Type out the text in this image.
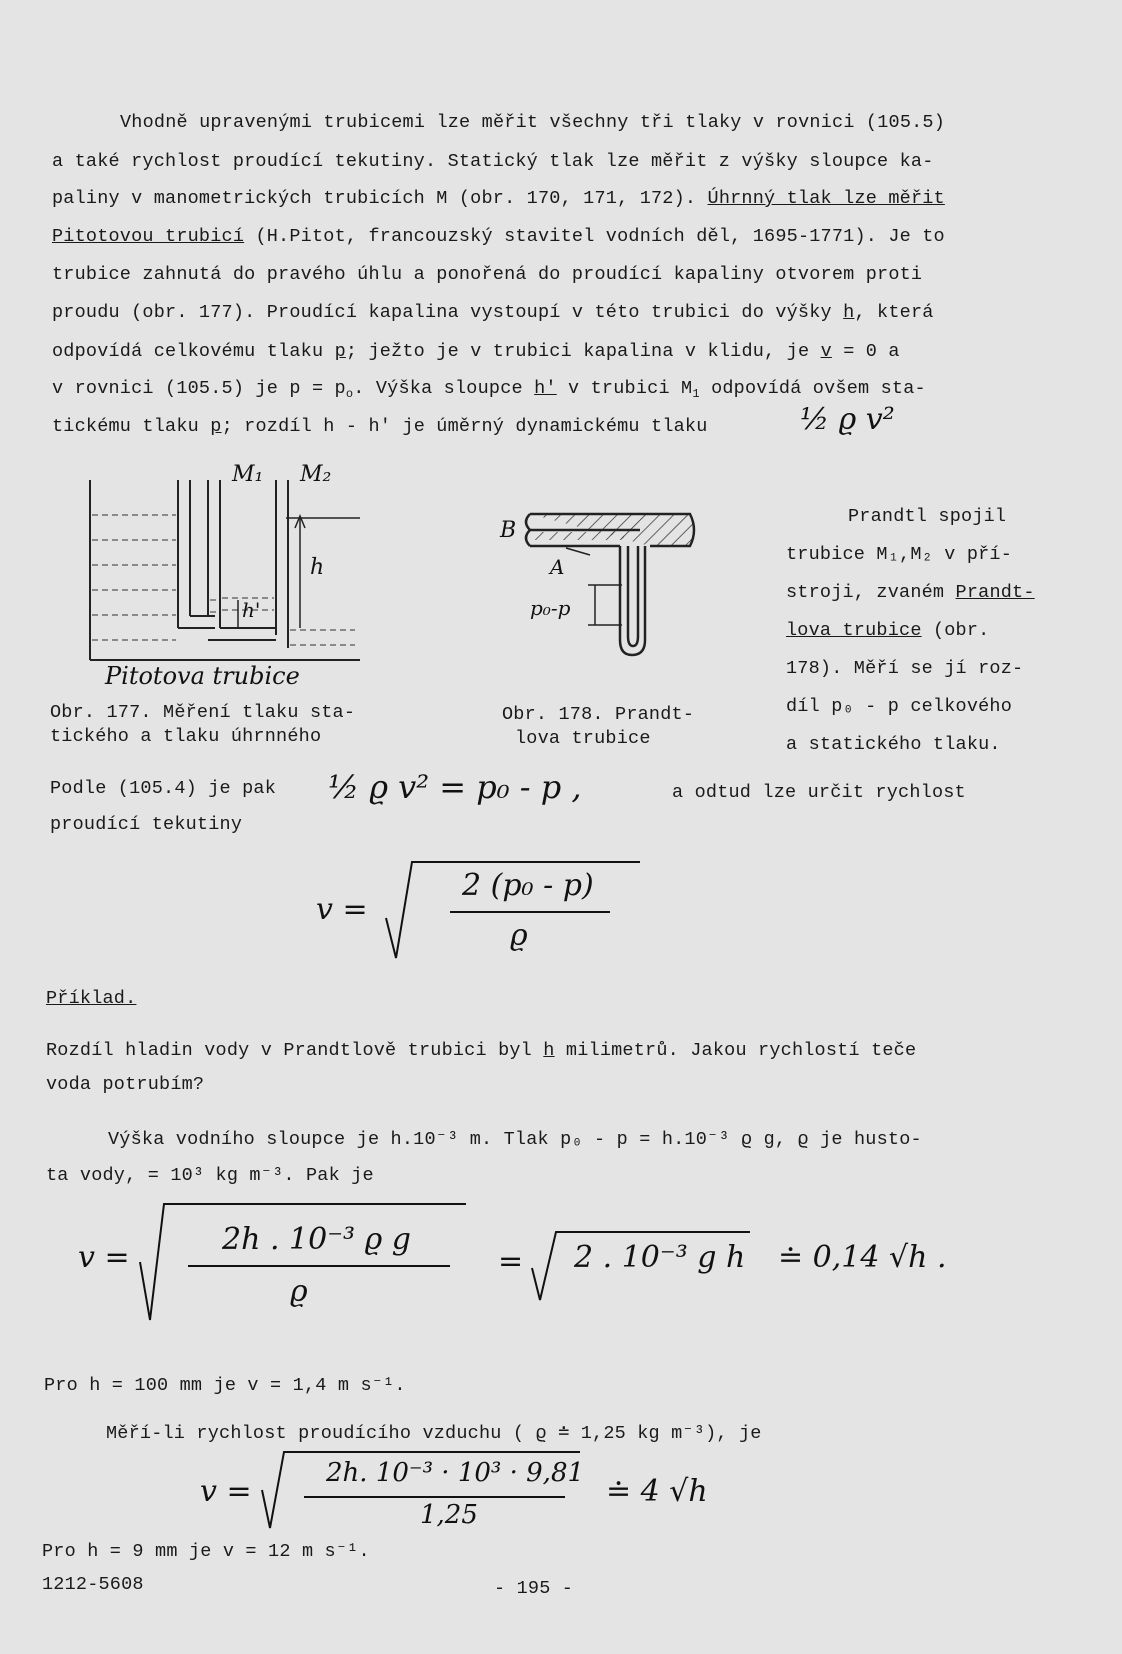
Vhodně upravenými trubicemi lze měřit všechny tři tlaky v rovnici (105.5)
a také rychlost proudící tekutiny. Statický tlak lze měřit z výšky sloupce ka-
paliny v manometrických trubicích M (obr. 170, 171, 172). Úhrnný tlak lze měřit
Pitotovou trubicí (H.Pitot, francouzský stavitel vodních děl, 1695-1771). Je to
trubice zahnutá do pravého úhlu a ponořená do proudící kapaliny otvorem proti
proudu (obr. 177). Proudící kapalina vystoupí v této trubici do výšky h, která
odpovídá celkovému tlaku p; ježto je v trubici kapalina v klidu, je v = 0 a
v rovnici (105.5) je $p = p_o$. Výška sloupce h' v trubici $M_1$ odpovídá ovšem sta-
tickému tlaku p; rozdíl h - h' je úměrný dynamickému tlaku	½ ϱ v²
M₁ M₂
h
h'
Pitotova trubice
Obr. 177. Měření tlaku sta-
tického a tlaku úhrnného
B
A
p₀-p
Obr. 178. Prandt-
lova trubice
Prandtl spojil
trubice M₁,M₂ v pří-
stroji, zvaném Prandt-
lova trubice (obr.
178). Měří se jí roz-
díl p₀ - p celkového
a statického tlaku.
Podle (105.4) je pak ½ ϱ v² = p₀ - p ,	a odtud lze určit rychlost
proudící tekutiny
v =
2 (p₀ - p)
ϱ
Příklad.
Rozdíl hladin vody v Prandtlově trubici byl h milimetrů. Jakou rychlostí teče
voda potrubím?
Výška vodního sloupce je h.10⁻³ m. Tlak p₀ - p = h.10⁻³ ϱ g, ϱ je husto-
ta vody, = 10³ kg m⁻³. Pak je
v =
2h . 10⁻³ ϱ g
ϱ
= 2 . 10⁻³ g h ≐ 0,14 √h .
Pro h = 100 mm je v = 1,4 m s⁻¹.
Měří-li rychlost proudícího vzduchu ( ϱ ≐ 1,25 kg m⁻³), je
v =
2h. 10⁻³ · 10³ · 9,81
1,25
≐ 4 √h
Pro h = 9 mm je v = 12 m s⁻¹.
1212-5608	- 195 -
